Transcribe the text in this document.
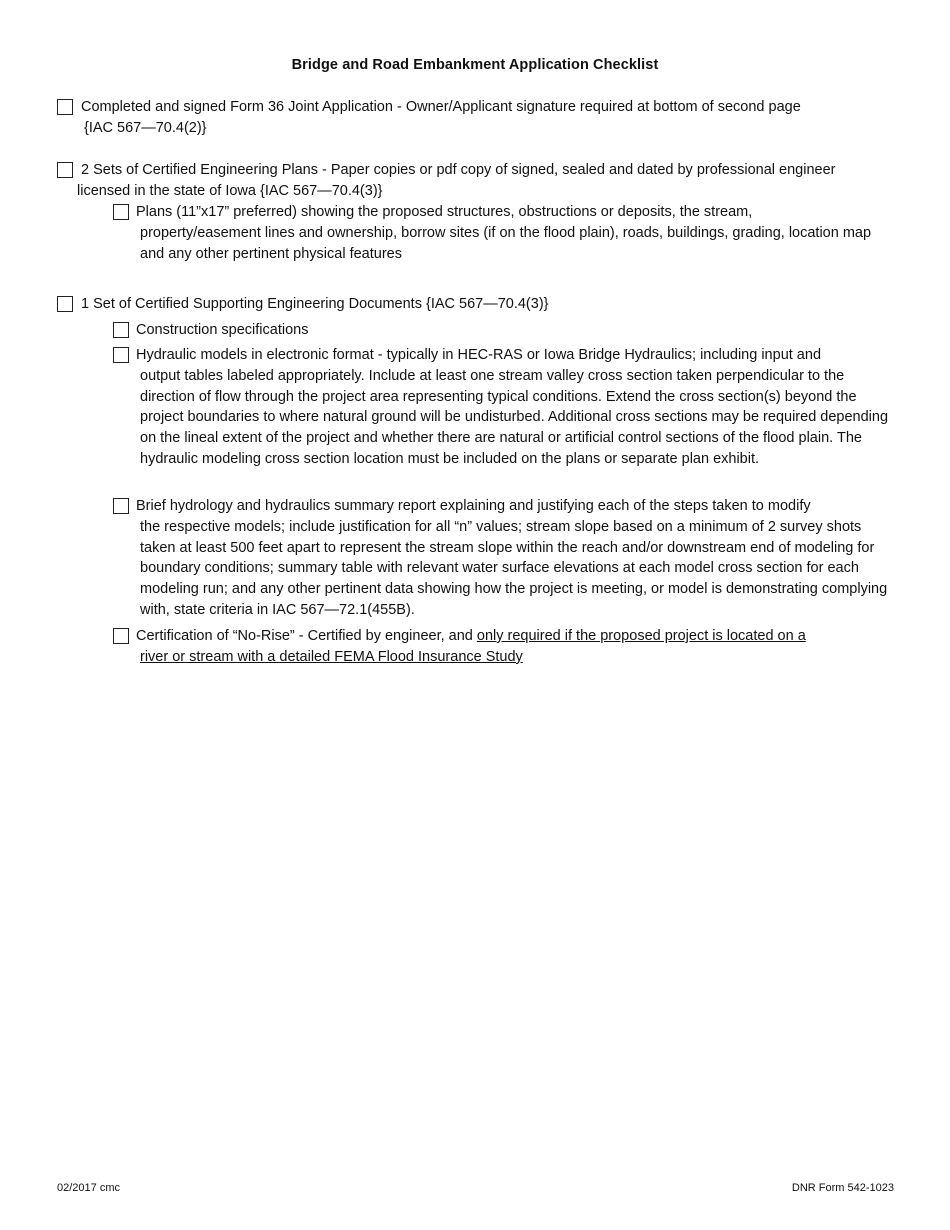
Bridge and Road Embankment Application Checklist
Completed and signed Form 36 Joint Application - Owner/Applicant signature required at bottom of second page
{IAC 567—70.4(2)}
2 Sets of Certified Engineering Plans - Paper copies or pdf copy of signed, sealed and dated by professional engineer
licensed in the state of Iowa {IAC 567—70.4(3)}
Plans (11”x17” preferred) showing the proposed structures, obstructions or deposits, the stream,
property/easement lines and ownership, borrow sites (if on the flood plain), roads, buildings, grading, location map and any other pertinent physical features
1 Set of Certified Supporting Engineering Documents {IAC 567—70.4(3)}
Construction specifications
Hydraulic models in electronic format - typically in HEC-RAS or Iowa Bridge Hydraulics; including input and
output tables labeled appropriately. Include at least one stream valley cross section taken perpendicular to the direction of flow through the project area representing typical conditions. Extend the cross section(s) beyond the project boundaries to where natural ground will be undisturbed. Additional cross sections may be required depending on the lineal extent of the project and whether there are natural or artificial control sections of the flood plain. The hydraulic modeling cross section location must be included on the plans or separate plan exhibit.
Brief hydrology and hydraulics summary report explaining and justifying each of the steps taken to modify
the respective models; include justification for all “n” values; stream slope based on a minimum of 2 survey shots taken at least 500 feet apart to represent the stream slope within the reach and/or downstream end of modeling for boundary conditions; summary table with relevant water surface elevations at each model cross section for each modeling run; and any other pertinent data showing how the project is meeting, or model is demonstrating complying with, state criteria in IAC 567—72.1(455B).
Certification of “No-Rise” - Certified by engineer, and only required if the proposed project is located on a
river or stream with a detailed FEMA Flood Insurance Study
02/2017 cmc	DNR Form 542-1023
